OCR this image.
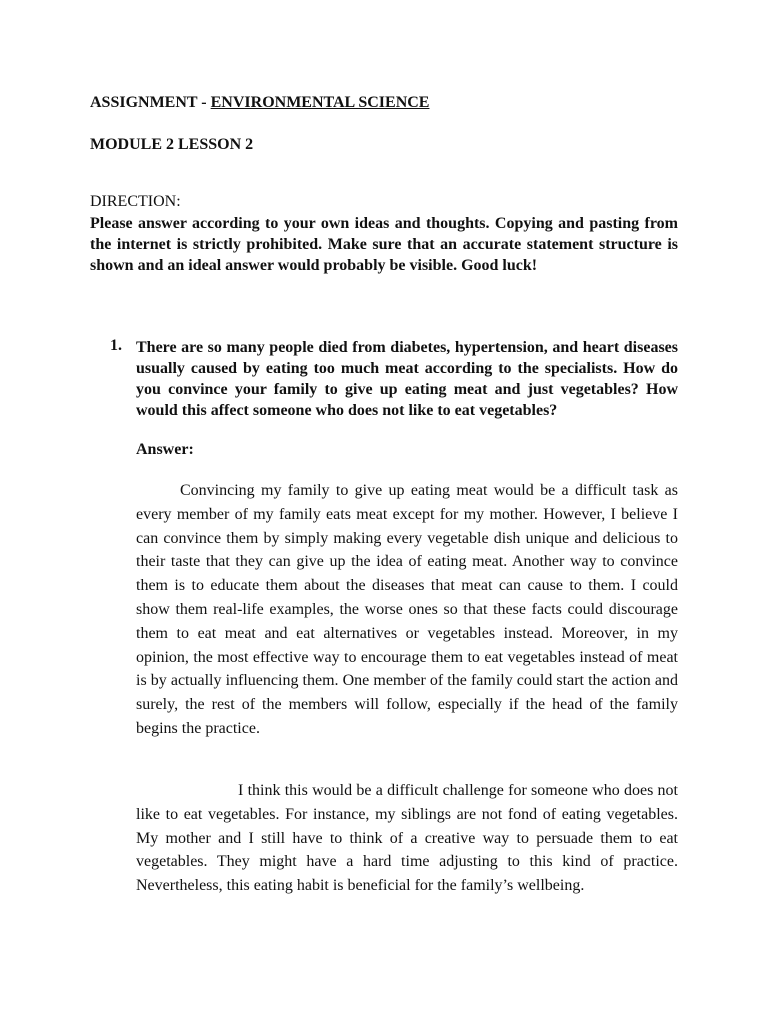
ASSIGNMENT - ENVIRONMENTAL SCIENCE
MODULE 2 LESSON 2
DIRECTION:
Please answer according to your own ideas and thoughts. Copying and pasting from the internet is strictly prohibited. Make sure that an accurate statement structure is shown and an ideal answer would probably be visible. Good luck!
1. There are so many people died from diabetes, hypertension, and heart diseases usually caused by eating too much meat according to the specialists. How do you convince your family to give up eating meat and just vegetables? How would this affect someone who does not like to eat vegetables?
Answer:
Convincing my family to give up eating meat would be a difficult task as every member of my family eats meat except for my mother. However, I believe I can convince them by simply making every vegetable dish unique and delicious to their taste that they can give up the idea of eating meat. Another way to convince them is to educate them about the diseases that meat can cause to them. I could show them real-life examples, the worse ones so that these facts could discourage them to eat meat and eat alternatives or vegetables instead. Moreover, in my opinion, the most effective way to encourage them to eat vegetables instead of meat is by actually influencing them. One member of the family could start the action and surely, the rest of the members will follow, especially if the head of the family begins the practice.
I think this would be a difficult challenge for someone who does not like to eat vegetables. For instance, my siblings are not fond of eating vegetables. My mother and I still have to think of a creative way to persuade them to eat vegetables. They might have a hard time adjusting to this kind of practice. Nevertheless, this eating habit is beneficial for the family’s wellbeing.
